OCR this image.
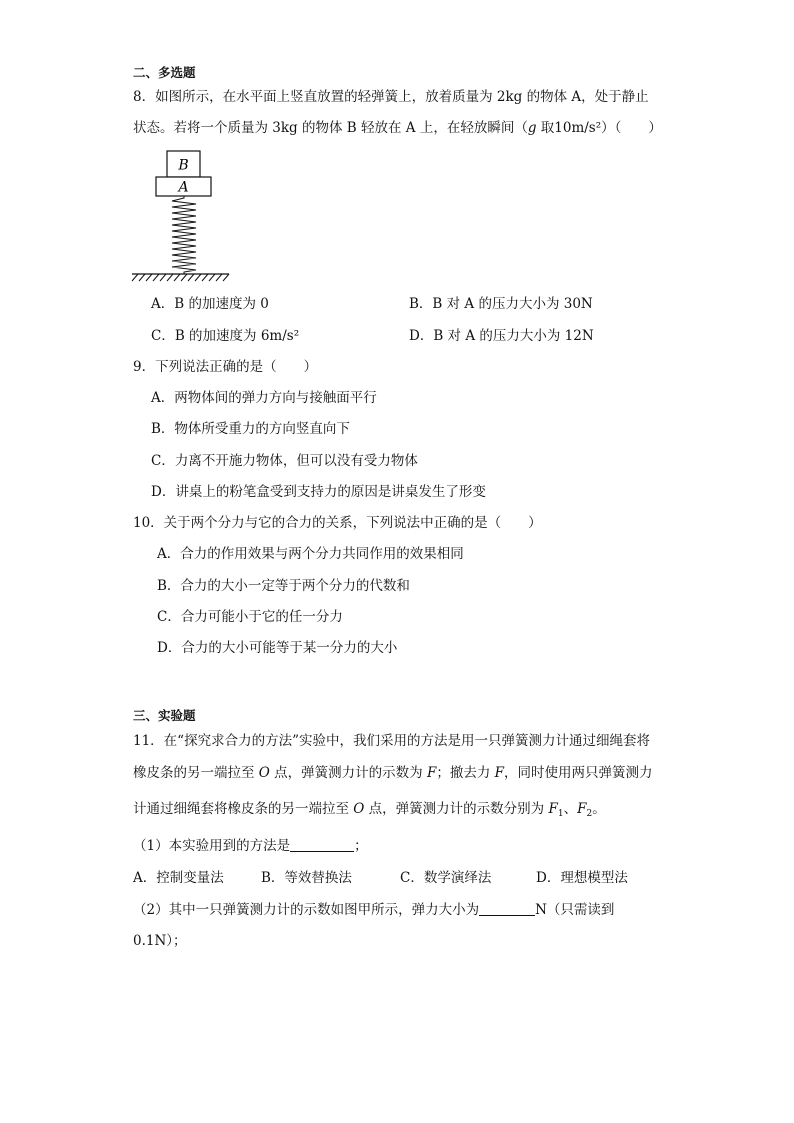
二、多选题
8．如图所示，在水平面上竖直放置的轻弹簧上，放着质量为 2kg 的物体 A，处于静止
状态。若将一个质量为 3kg 的物体 B 轻放在 A 上，在轻放瞬间（g 取10m/s²）（　　）
B
A
A．B 的加速度为 0	B．B 对 A 的压力大小为 30N
C．B 的加速度为 6m/s²	D．B 对 A 的压力大小为 12N
9．下列说法正确的是（　　）
A．两物体间的弹力方向与接触面平行
B．物体所受重力的方向竖直向下
C．力离不开施力物体，但可以没有受力物体
D．讲桌上的粉笔盒受到支持力的原因是讲桌发生了形变
10．关于两个分力与它的合力的关系，下列说法中正确的是（　　）
A．合力的作用效果与两个分力共同作用的效果相同
B．合力的大小一定等于两个分力的代数和
C．合力可能小于它的任一分力
D．合力的大小可能等于某一分力的大小
三、实验题
11．在“探究求合力的方法”实验中，我们采用的方法是用一只弹簧测力计通过细绳套将
橡皮条的另一端拉至 O 点，弹簧测力计的示数为 F；撤去力 F，同时使用两只弹簧测力
计通过细绳套将橡皮条的另一端拉至 O 点，弹簧测力计的示数分别为 $F_1$、$F_2$。
（1）本实验用到的方法是	；
A．控制变量法	B．等效替换法	C．数学演绎法	D．理想模型法
（2）其中一只弹簧测力计的示数如图甲所示，弹力大小为	N（只需读到
0.1N）；
